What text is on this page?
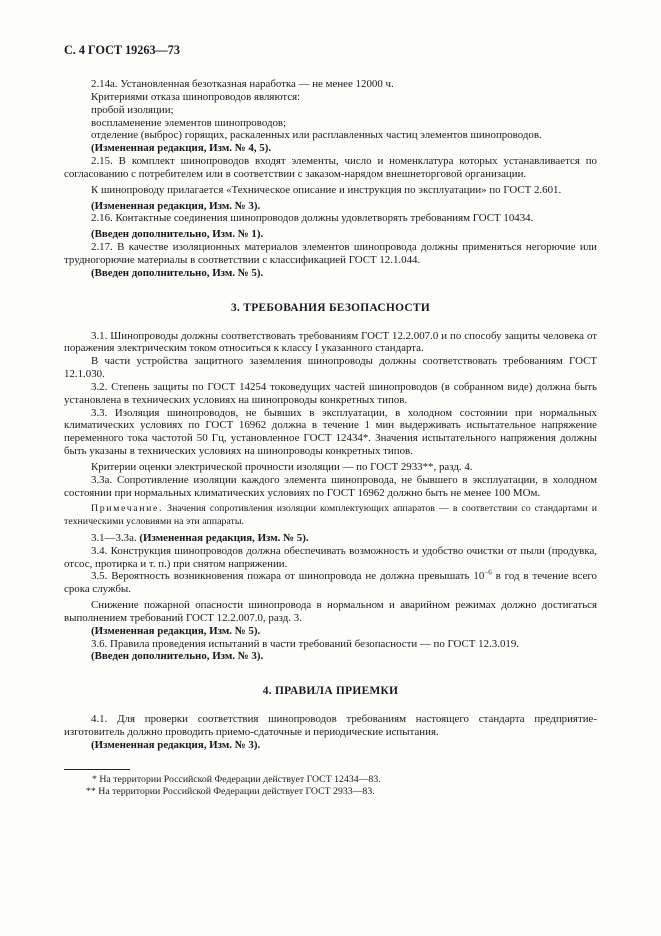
С. 4 ГОСТ 19263—73

2.14а. Установленная безотказная наработка — не менее 12000 ч.

Критериями отказа шинопроводов являются:

пробой изоляции;

воспламенение элементов шинопроводов;

отделение (выброс) горящих, раскаленных или расплавленных частиц элементов шинопроводов.

(Измененная редакция, Изм. № 4, 5).

2.15. В комплект шинопроводов входят элементы, число и номенклатура которых устанавливается по согласованию с потребителем или в соответствии с заказом-нарядом внешнеторговой организации.

К шинопроводу прилагается «Техническое описание и инструкция по эксплуатации» по ГОСТ 2.601.

(Измененная редакция, Изм. № 3).

2.16. Контактные соединения шинопроводов должны удовлетворять требованиям ГОСТ 10434.

(Введен дополнительно, Изм. № 1).

2.17. В качестве изоляционных материалов элементов шинопровода должны применяться негорючие или трудногорючие материалы в соответствии с классификацией ГОСТ 12.1.044.

(Введен дополнительно, Изм. № 5).

3. ТРЕБОВАНИЯ БЕЗОПАСНОСТИ

3.1. Шинопроводы должны соответствовать требованиям ГОСТ 12.2.007.0 и по способу защиты человека от поражения электрическим током относиться к классу I указанного стандарта.

В части устройства защитного заземления шинопроводы должны соответствовать требованиям ГОСТ 12.1.030.

3.2. Степень защиты по ГОСТ 14254 токоведущих частей шинопроводов (в собранном виде) должна быть установлена в технических условиях на шинопроводы конкретных типов.

3.3. Изоляция шинопроводов, не бывших в эксплуатации, в холодном состоянии при нормальных климатических условиях по ГОСТ 16962 должна в течение 1 мин выдерживать испытательное напряжение переменного тока частотой 50 Гц, установленное ГОСТ 12434*. Значения испытательного напряжения должны быть указаны в технических условиях на шинопроводы конкретных типов.

Критерии оценки электрической прочности изоляции — по ГОСТ 2933**, разд. 4.

3.3а. Сопротивление изоляции каждого элемента шинопровода, не бывшего в эксплуатации, в холодном состоянии при нормальных климатических условиях по ГОСТ 16962 должно быть не менее 100 МОм.

Примечание. Значения сопротивления изоляции комплектующих аппаратов — в соответствии со стандартами и техническими условиями на эти аппараты.

3.1—3.3а. (Измененная редакция, Изм. № 5).

3.4. Конструкция шинопроводов должна обеспечивать возможность и удобство очистки от пыли (продувка, отсос, протирка и т. п.) при снятом напряжении.

3.5. Вероятность возникновения пожара от шинопровода не должна превышать $10^{-6}$ в год в течение всего срока службы.

Снижение пожарной опасности шинопровода в нормальном и аварийном режимах должно достигаться выполнением требований ГОСТ 12.2.007.0, разд. 3.

(Измененная редакция, Изм. № 5).

3.6. Правила проведения испытаний в части требований безопасности — по ГОСТ 12.3.019.

(Введен дополнительно, Изм. № 3).

4. ПРАВИЛА ПРИЕМКИ

4.1. Для проверки соответствия шинопроводов требованиям настоящего стандарта предприятие-изготовитель должно проводить приемо-сдаточные и периодические испытания.

(Измененная редакция, Изм. № 3).

* На территории Российской Федерации действует ГОСТ 12434—83.

** На территории Российской Федерации действует ГОСТ 2933—83.
